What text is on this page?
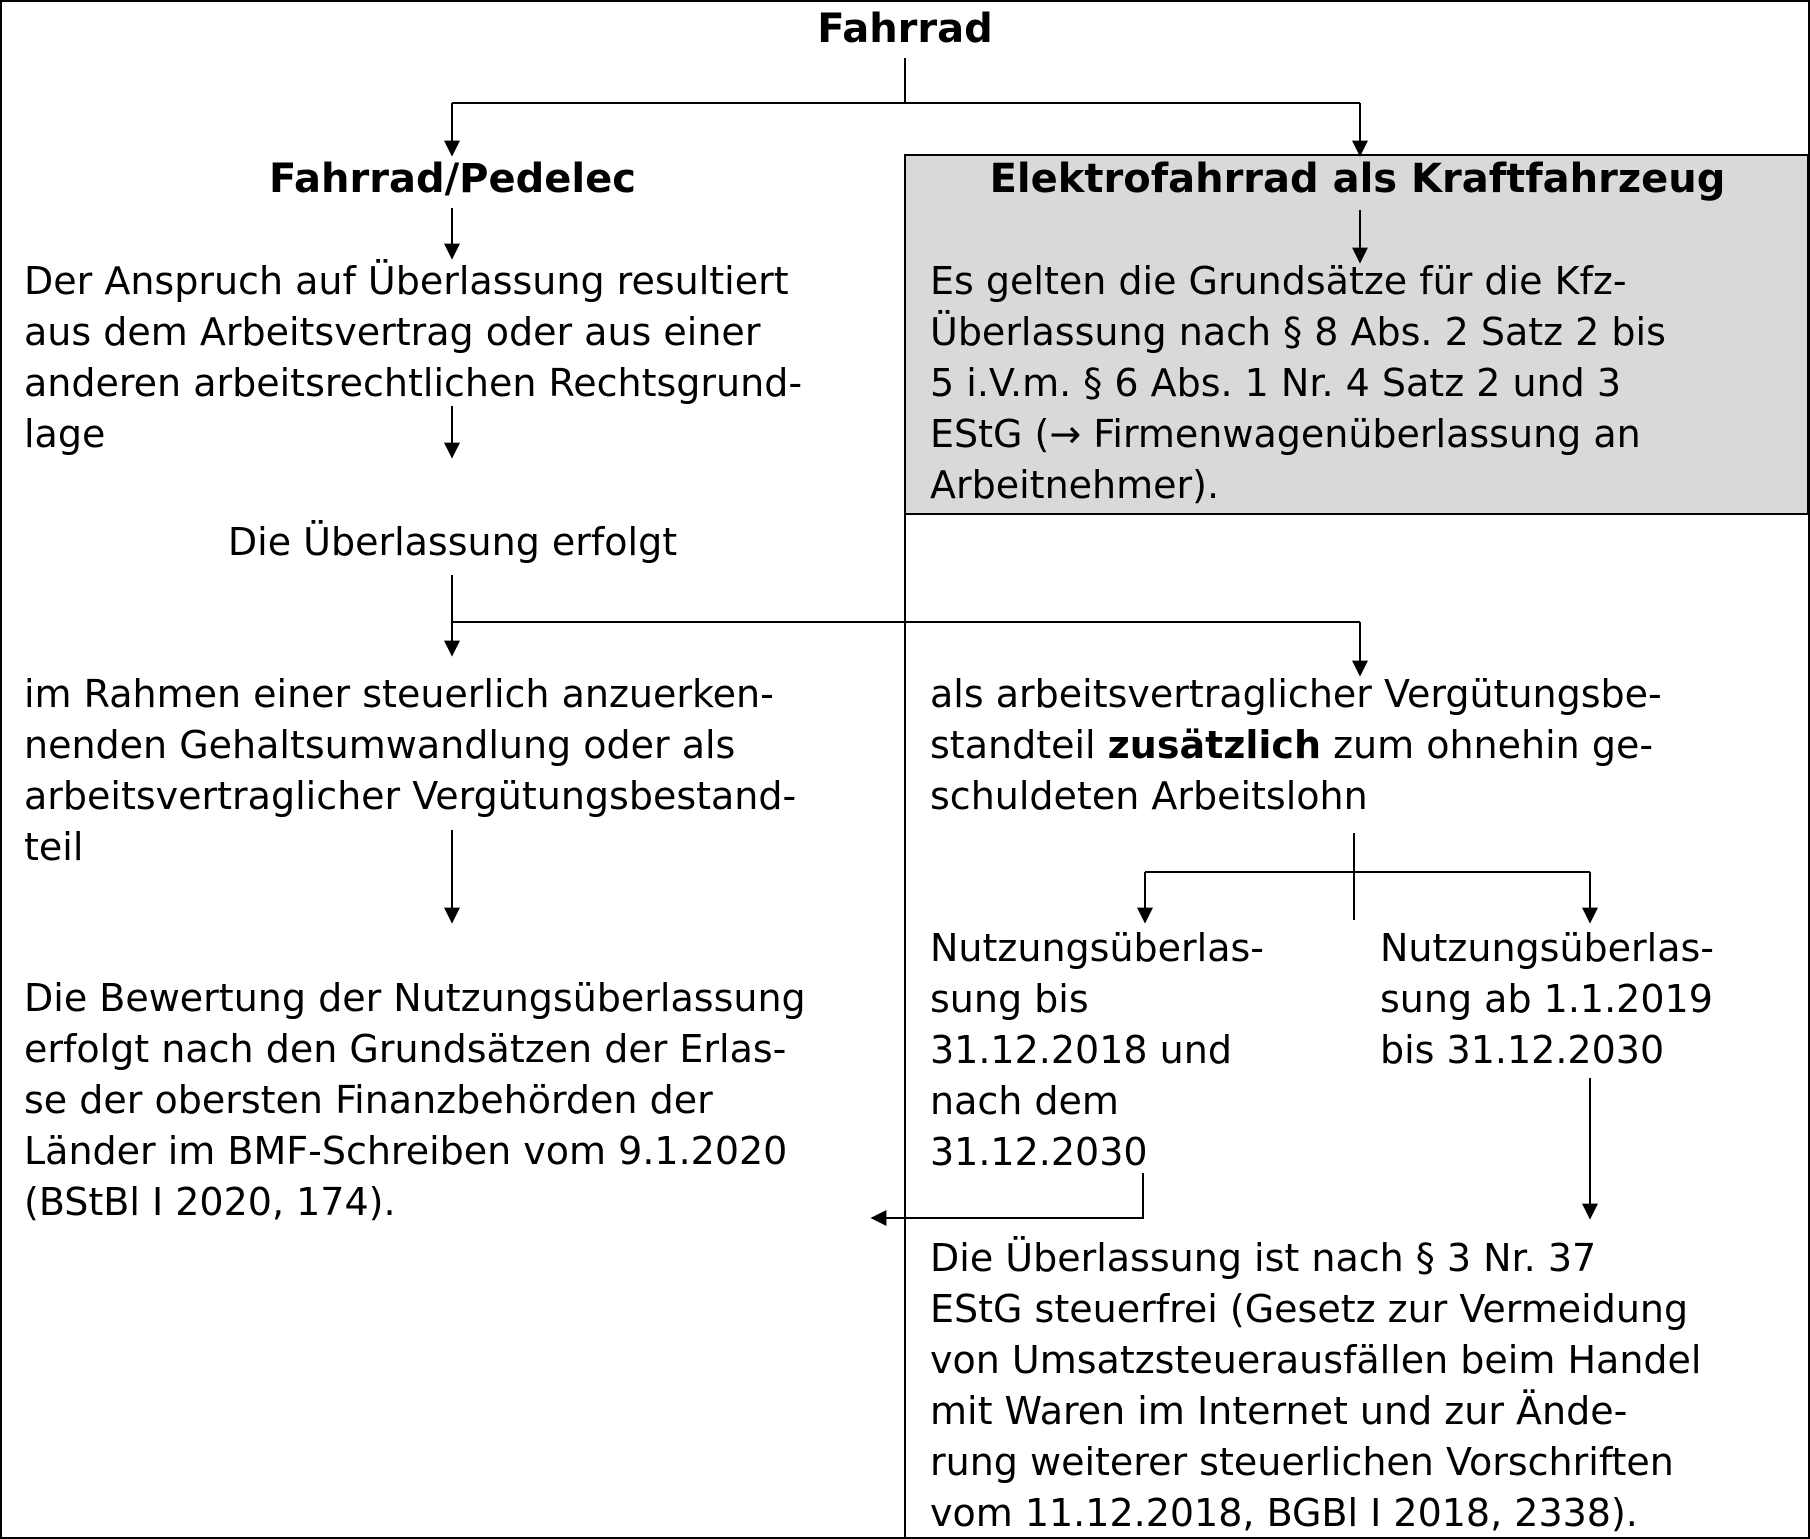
Fahrrad
Fahrrad/Pedelec	Elektrofahrrad als Kraftfahrzeug
Der Anspruch auf Überlassung resultiert
aus dem Arbeitsvertrag oder aus einer
anderen arbeitsrechtlichen Rechtsgrund-
lage
Es gelten die Grundsätze für die Kfz-
Überlassung nach § 8 Abs. 2 Satz 2 bis
5 i.V.m. § 6 Abs. 1 Nr. 4 Satz 2 und 3
EStG (→ Firmenwagenüberlassung an
Arbeitnehmer).
Die Überlassung erfolgt
im Rahmen einer steuerlich anzuerken-
nenden Gehaltsumwandlung oder als
arbeitsvertraglicher Vergütungsbestand-
teil
als arbeitsvertraglicher Vergütungsbe-
standteil zusätzlich zum ohnehin ge-
schuldeten Arbeitslohn
Nutzungsüberlas-
sung bis
31.12.2018 und
nach dem
31.12.2030
Nutzungsüberlas-
sung ab 1.1.2019
bis 31.12.2030
Die Bewertung der Nutzungsüberlassung
erfolgt nach den Grundsätzen der Erlas-
se der obersten Finanzbehörden der
Länder im BMF-Schreiben vom 9.1.2020
(BStBl I 2020, 174).
Die Überlassung ist nach § 3 Nr. 37
EStG steuerfrei (Gesetz zur Vermeidung
von Umsatzsteuerausfällen beim Handel
mit Waren im Internet und zur Ände-
rung weiterer steuerlichen Vorschriften
vom 11.12.2018, BGBl I 2018, 2338).
